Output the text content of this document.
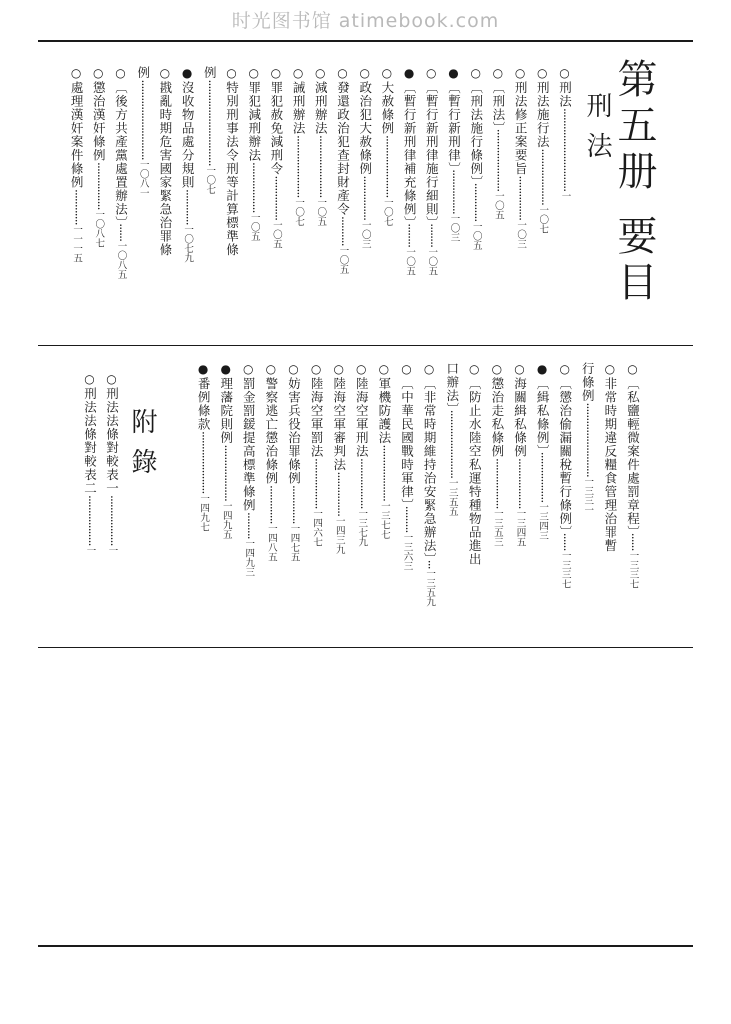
时光图书馆 atimebook.com
第五册 要目
刑法
附錄
○刑法····························一
○刑法施行法···················一〇七
○刑法修正案要旨···············一〇三
○〔刑法〕·····················一〇五
○〔刑法施行條例〕·············一〇五
●〔暫行新刑律〕···············一〇三
○〔暫行新刑律施行細則〕········一〇五
●〔暫行新刑律補充條例〕········一〇五
○大赦條例·····················一〇七
○政治犯大赦條例···············一〇三
○發還政治犯查封財產令··········一〇五
○減刑辦法·····················一〇五
○誡刑辦法·····················一〇七
○罪犯赦免減刑令···············一〇五
○罪犯減刑辦法·················一〇五
○特別刑事法令刑等計算標準條
例·····························一〇七
●沒收物品處分規則············一〇七九
○戡亂時期危害國家緊急治罪條
例···························一〇八一
○〔後方共產黨處置辦法〕······一〇八五
○懲治漢奸條例················一〇八七
○處理漢奸案件條例············一一一五
○〔私鹽輕微案件處罰章程〕······一三三七
○非常時期違反糧食管理治罪暫
行條例·························一三三一
○〔懲治偷漏關稅暫行條例〕······一三三七
●〔緝私條例〕·················一三四三
○海關緝私條例·················一三四五
○懲治走私條例·················一三五三
○〔防止水陸空私運特種物品進出
口辦法〕·······················一三五五
○〔非常時期維持治安緊急辦法〕···一三五九
○〔中華民國戰時軍律〕·········一三六三
○軍機防護法···················一三七七
○陸海空軍刑法·················一三七九
○陸海空軍審判法···············一四三九
○陸海空軍罰法·················一四六七
○妨害兵役治罪條例·············一四七五
○警察逃亡懲治條例·············一四八五
○罰金罰鍰提高標準條例·········一四九三
●理藩院則例···················一四九五
●番例條款·····················一四九七
○刑法法條對較表一·················一
○刑法法條對較表二·················一
